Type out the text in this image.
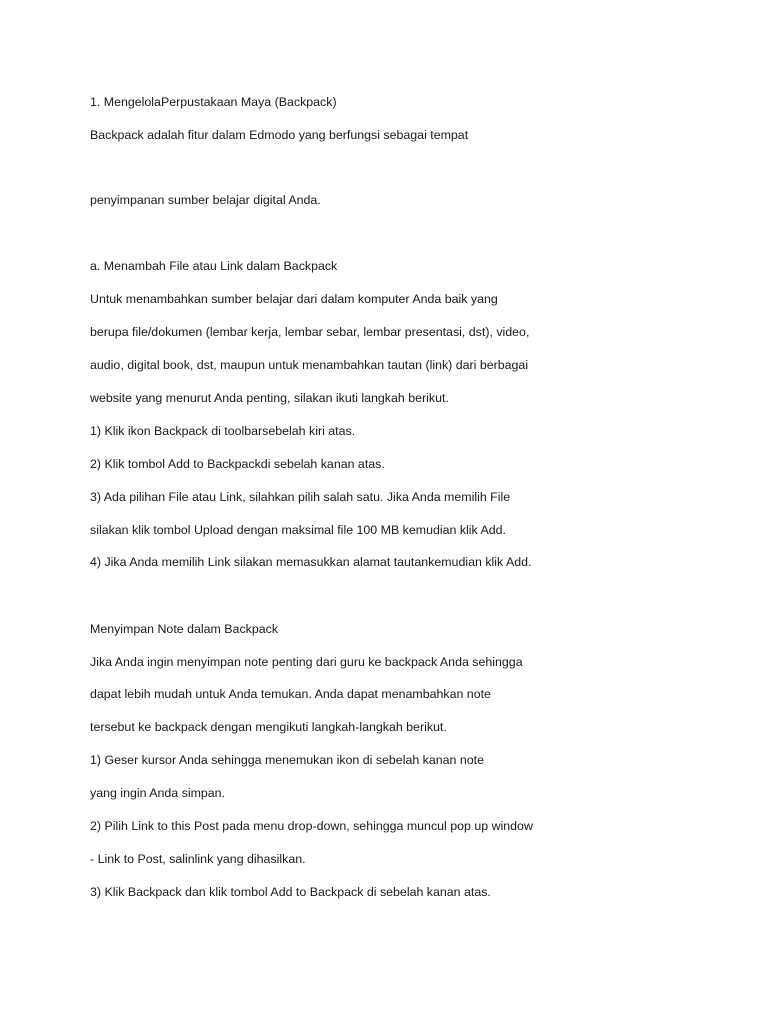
1. MengelolaPerpustakaan Maya (Backpack)
Backpack adalah fitur dalam Edmodo yang berfungsi sebagai tempat
penyimpanan sumber belajar digital Anda.
a. Menambah File atau Link dalam Backpack
Untuk menambahkan sumber belajar dari dalam komputer Anda baik yang
berupa file/dokumen (lembar kerja, lembar sebar, lembar presentasi, dst), video,
audio, digital book, dst, maupun untuk menambahkan tautan (link) dari berbagai
website yang menurut Anda penting, silakan ikuti langkah berikut.
1) Klik ikon Backpack di toolbarsebelah kiri atas.
2) Klik tombol Add to Backpackdi sebelah kanan atas.
3) Ada pilihan File atau Link, silahkan pilih salah satu. Jika Anda memilih File
silakan klik tombol Upload dengan maksimal file 100 MB kemudian klik Add.
4) Jika Anda memilih Link silakan memasukkan alamat tautankemudian klik Add.
Menyimpan Note dalam Backpack
Jika Anda ingin menyimpan note penting dari guru ke backpack Anda sehingga
dapat lebih mudah untuk Anda temukan. Anda dapat menambahkan note
tersebut ke backpack dengan mengikuti langkah-langkah berikut.
1) Geser kursor Anda sehingga menemukan ikon di sebelah kanan note
yang ingin Anda simpan.
2) Pilih Link to this Post pada menu drop-down, sehingga muncul pop up window
- Link to Post, salinlink yang dihasilkan.
3) Klik Backpack dan klik tombol Add to Backpack di sebelah kanan atas.
